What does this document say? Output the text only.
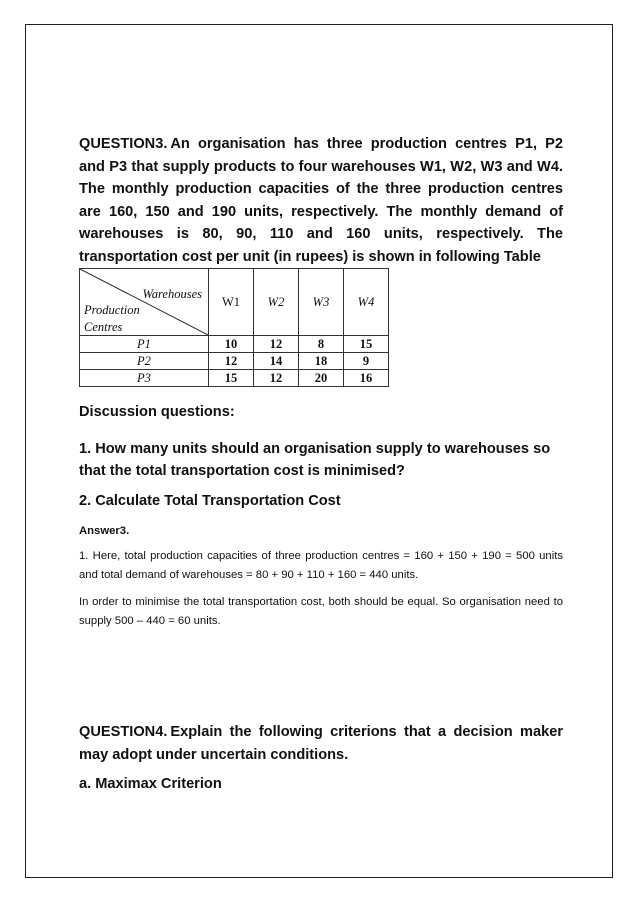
QUESTION3. An organisation has three production centres P1, P2 and P3 that supply products to four warehouses W1, W2, W3 and W4. The monthly production capacities of the three production centres are 160, 150 and 190 units, respectively. The monthly demand of warehouses is 80, 90, 110 and 160 units, respectively. The transportation cost per unit (in rupees) is shown in following Table
Warehouses
Production
Centres	W1	W2	W3	W4
P1	10	12	8	15
P2	12	14	18	9
P3	15	12	20	16
Discussion questions:
1. How many units should an organisation supply to warehouses so that the total transportation cost is minimised?
2. Calculate Total Transportation Cost
Answer3.
1. Here, total production capacities of three production centres = 160 + 150 + 190 = 500 units and total demand of warehouses = 80 + 90 + 110 + 160 = 440 units.
In order to minimise the total transportation cost, both should be equal. So organisation need to supply 500 – 440 = 60 units.
QUESTION4. Explain the following criterions that a decision maker may adopt under uncertain conditions.
a. Maximax Criterion
